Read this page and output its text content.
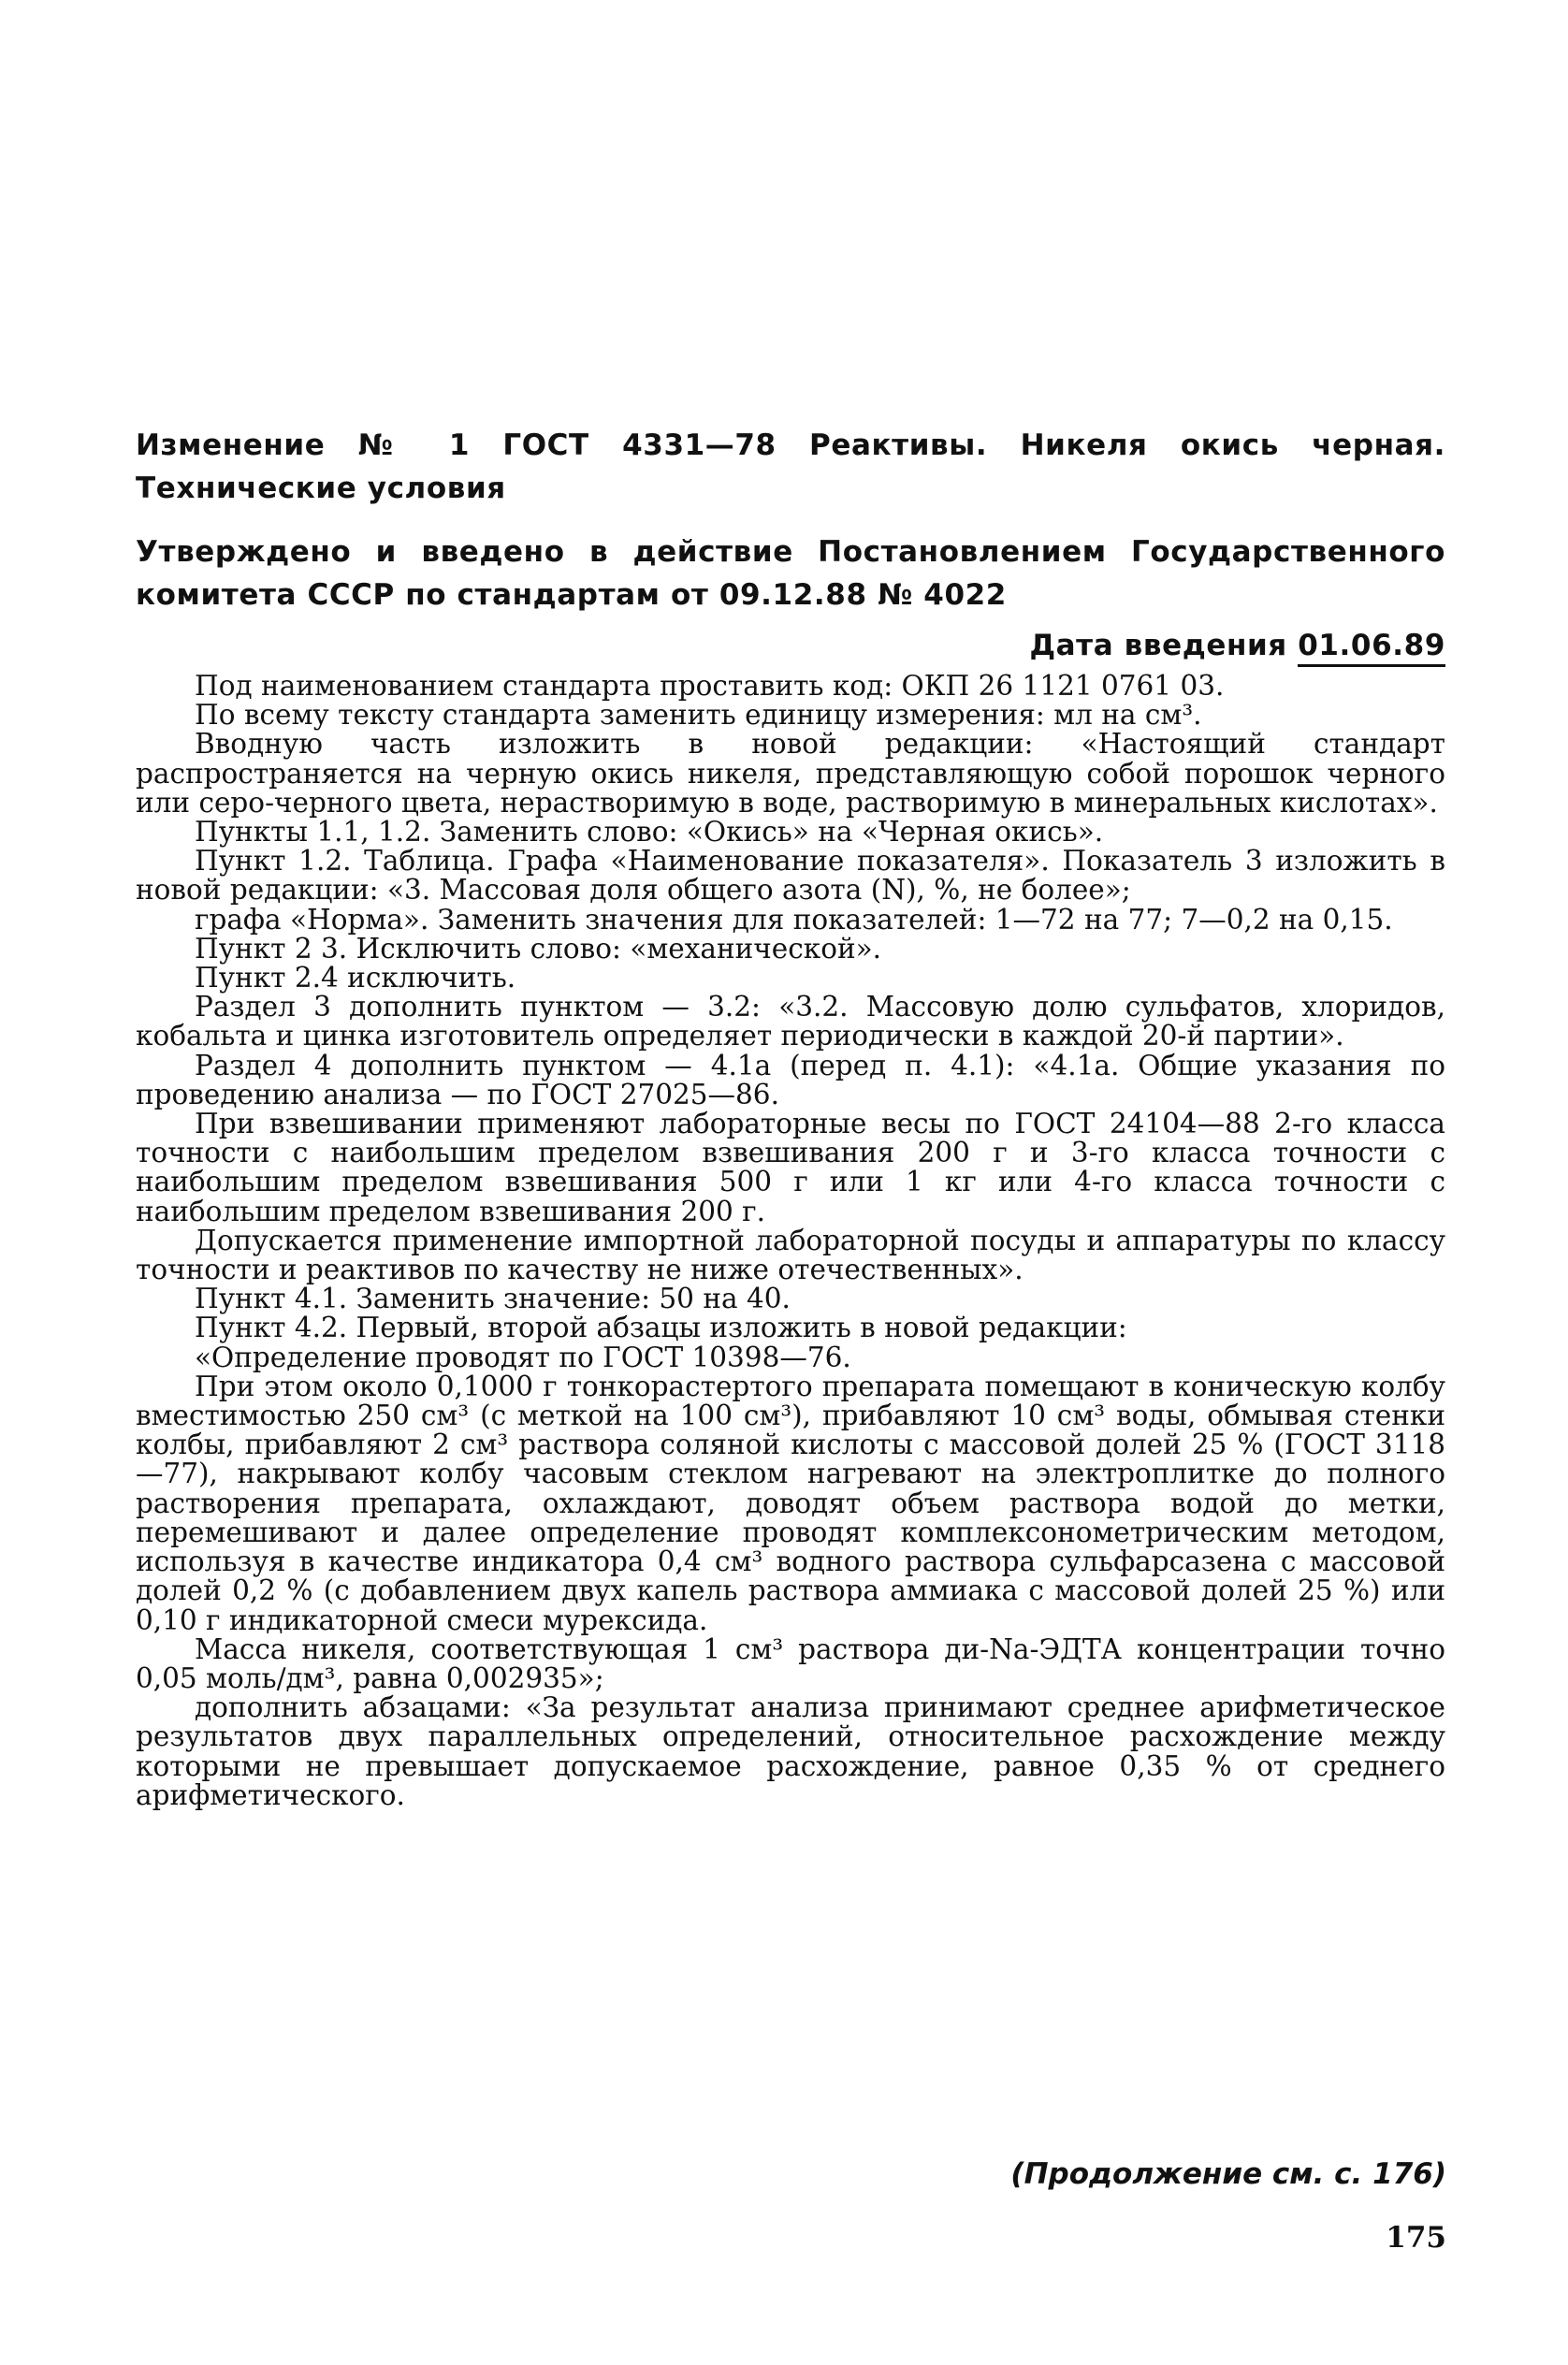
Изменение № 1 ГОСТ 4331—78 Реактивы. Никеля окись черная. Технические условия

Утверждено и введено в действие Постановлением Государственного комитета СССР по стандартам от 09.12.88 № 4022

Дата введения 01.06.89

Под наименованием стандарта проставить код: ОКП 26 1121 0761 03.

По всему тексту стандарта заменить единицу измерения: мл на см³.

Вводную часть изложить в новой редакции: «Настоящий стандарт распространяется на черную окись никеля, представляющую собой порошок черного или серо-черного цвета, нерастворимую в воде, растворимую в минеральных кислотах».

Пункты 1.1, 1.2. Заменить слово: «Окись» на «Черная окись».

Пункт 1.2. Таблица. Графа «Наименование показателя». Показатель 3 изложить в новой редакции: «3. Массовая доля общего азота (N), %, не более»;

графа «Норма». Заменить значения для показателей: 1—72 на 77; 7—0,2 на 0,15.

Пункт 2 3. Исключить слово: «механической».

Пункт 2.4 исключить.

Раздел 3 дополнить пунктом — 3.2: «3.2. Массовую долю сульфатов, хлоридов, кобальта и цинка изготовитель определяет периодически в каждой 20-й партии».

Раздел 4 дополнить пунктом — 4.1а (перед п. 4.1): «4.1а. Общие указания по проведению анализа — по ГОСТ 27025—86.

При взвешивании применяют лабораторные весы по ГОСТ 24104—88 2-го класса точности с наибольшим пределом взвешивания 200 г и 3-го класса точности с наибольшим пределом взвешивания 500 г или 1 кг или 4-го класса точности с наибольшим пределом взвешивания 200 г.

Допускается применение импортной лабораторной посуды и аппаратуры по классу точности и реактивов по качеству не ниже отечественных».

Пункт 4.1. Заменить значение: 50 на 40.

Пункт 4.2. Первый, второй абзацы изложить в новой редакции:

«Определение проводят по ГОСТ 10398—76.

При этом около 0,1000 г тонкорастертого препарата помещают в коническую колбу вместимостью 250 см³ (с меткой на 100 см³), прибавляют 10 см³ воды, обмывая стенки колбы, прибавляют 2 см³ раствора соляной кислоты с массовой долей 25 % (ГОСТ 3118—77), накрывают колбу часовым стеклом нагревают на электроплитке до полного растворения препарата, охлаждают, доводят объем раствора водой до метки, перемешивают и далее определение проводят комплексонометрическим методом, используя в качестве индикатора 0,4 см³ водного раствора сульфарсазена с массовой долей 0,2 % (с добавлением двух капель раствора аммиака с массовой долей 25 %) или 0,10 г индикаторной смеси мурексида.

Масса никеля, соответствующая 1 см³ раствора ди-Na-ЭДТА концентрации точно 0,05 моль/дм³, равна 0,002935»;

дополнить абзацами: «За результат анализа принимают среднее арифметическое результатов двух параллельных определений, относительное расхождение между которыми не превышает допускаемое расхождение, равное 0,35 % от среднего арифметического.

(Продолжение см. с. 176)
175
